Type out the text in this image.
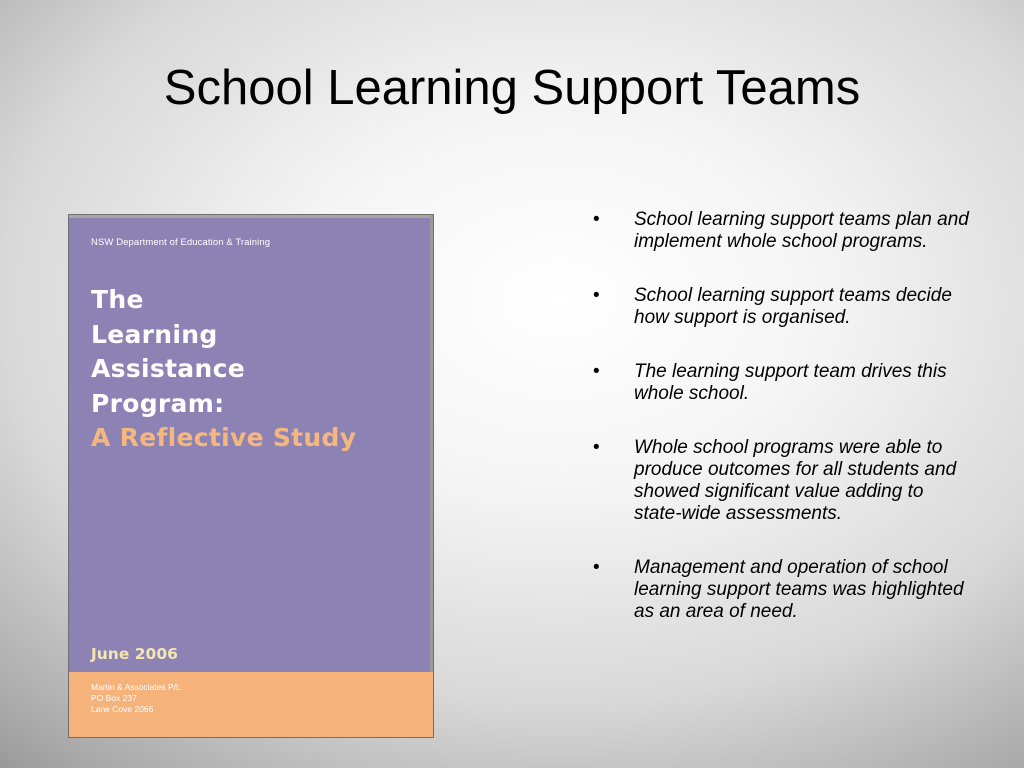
School Learning Support Teams
NSW Department of Education & Training
The
Learning
Assistance
Program:
A Reflective Study
June 2006
Martin & Associates P/L
PO Box 237
Lane Cove 2066
• School learning support teams plan and implement whole school programs.
• School learning support teams decide how support is organised.
• The learning support team drives this whole school.
• Whole school programs were able to produce outcomes for all students and showed significant value adding to state-wide assessments.
• Management and operation of school learning support teams was highlighted as an area of need.
